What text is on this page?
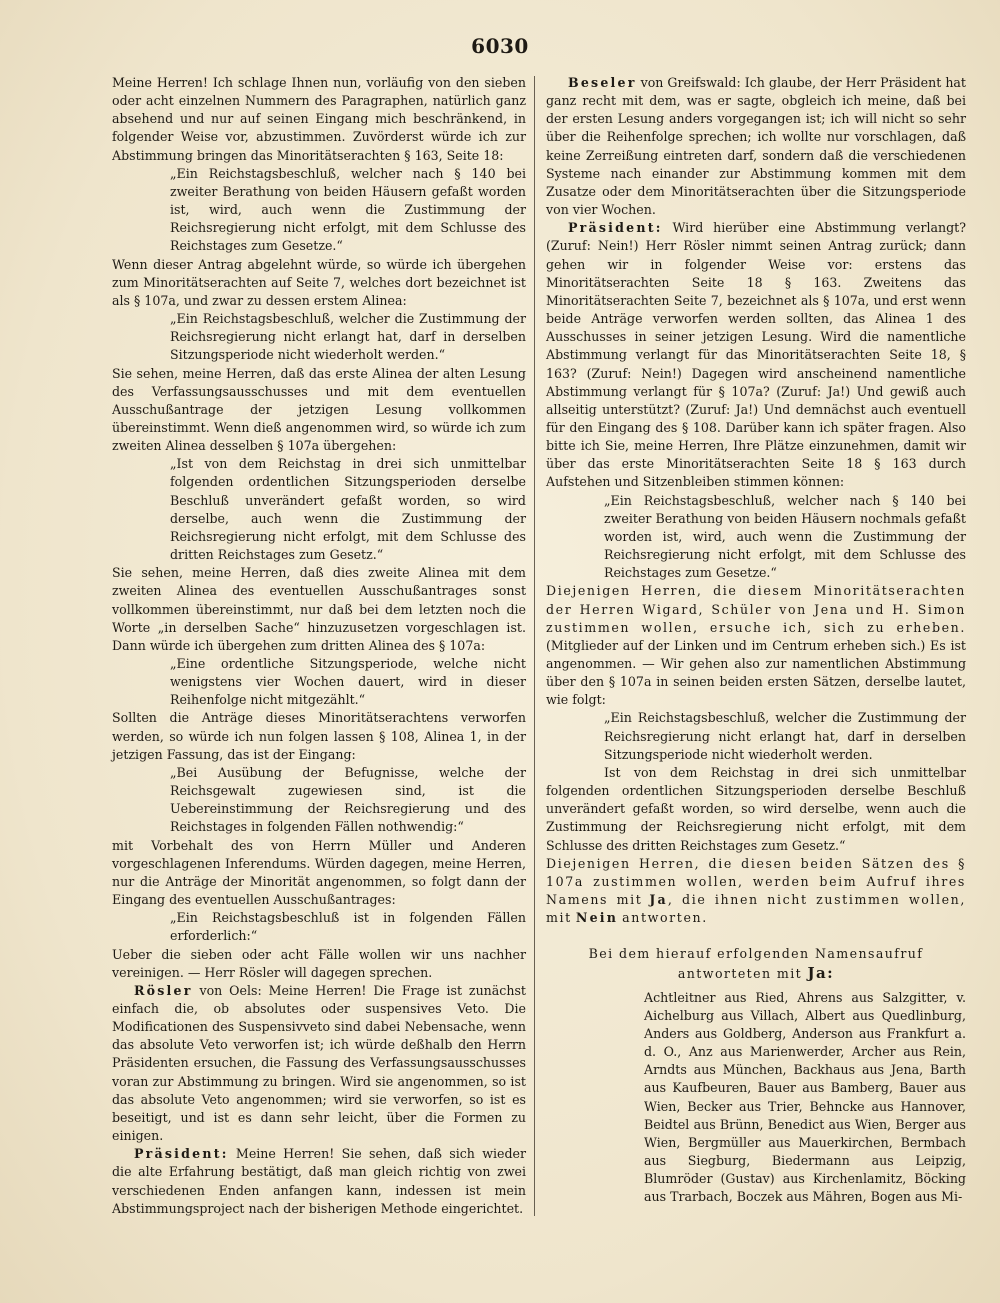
6030

Meine Herren! Ich schlage Ihnen nun, vorläufig von den sieben oder acht einzelnen Nummern des Paragraphen, natürlich ganz absehend und nur auf seinen Eingang mich beschränkend, in folgender Weise vor, abzustimmen. Zuvörderst würde ich zur Abstimmung bringen das Minoritätserachten § 163, Seite 18:

„Ein Reichstagsbeschluß, welcher nach § 140 bei zweiter Berathung von beiden Häusern gefaßt worden ist, wird, auch wenn die Zustimmung der Reichsregierung nicht erfolgt, mit dem Schlusse des Reichstages zum Gesetze.“

Wenn dieser Antrag abgelehnt würde, so würde ich übergehen zum Minoritätserachten auf Seite 7, welches dort bezeichnet ist als § 107a, und zwar zu dessen erstem Alinea:

„Ein Reichstagsbeschluß, welcher die Zustimmung der Reichsregierung nicht erlangt hat, darf in derselben Sitzungsperiode nicht wiederholt werden.“

Sie sehen, meine Herren, daß das erste Alinea der alten Lesung des Verfassungsausschusses und mit dem eventuellen Ausschußantrage der jetzigen Lesung vollkommen übereinstimmt. Wenn dieß angenommen wird, so würde ich zum zweiten Alinea desselben § 107a übergehen:

„Ist von dem Reichstag in drei sich unmittelbar folgenden ordentlichen Sitzungsperioden derselbe Beschluß unverändert gefaßt worden, so wird derselbe, auch wenn die Zustimmung der Reichsregierung nicht erfolgt, mit dem Schlusse des dritten Reichstages zum Gesetz.“

Sie sehen, meine Herren, daß dies zweite Alinea mit dem zweiten Alinea des eventuellen Ausschußantrages sonst vollkommen übereinstimmt, nur daß bei dem letzten noch die Worte „in derselben Sache“ hinzuzusetzen vorgeschlagen ist. Dann würde ich übergehen zum dritten Alinea des § 107a:

„Eine ordentliche Sitzungsperiode, welche nicht wenigstens vier Wochen dauert, wird in dieser Reihenfolge nicht mitgezählt.“

Sollten die Anträge dieses Minoritätserachtens verworfen werden, so würde ich nun folgen lassen § 108, Alinea 1, in der jetzigen Fassung, das ist der Eingang:

„Bei Ausübung der Befugnisse, welche der Reichsgewalt zugewiesen sind, ist die Uebereinstimmung der Reichsregierung und des Reichstages in folgenden Fällen nothwendig:“

mit Vorbehalt des von Herrn Müller und Anderen vorgeschlagenen Inferendums. Würden dagegen, meine Herren, nur die Anträge der Minorität angenommen, so folgt dann der Eingang des eventuellen Ausschußantrages:

„Ein Reichstagsbeschluß ist in folgenden Fällen erforderlich:“

Ueber die sieben oder acht Fälle wollen wir uns nachher vereinigen. — Herr Rösler will dagegen sprechen.

Rösler von Oels: Meine Herren! Die Frage ist zunächst einfach die, ob absolutes oder suspensives Veto. Die Modificationen des Suspensivveto sind dabei Nebensache, wenn das absolute Veto verworfen ist; ich würde deßhalb den Herrn Präsidenten ersuchen, die Fassung des Verfassungsausschusses voran zur Abstimmung zu bringen. Wird sie angenommen, so ist das absolute Veto angenommen; wird sie verworfen, so ist es beseitigt, und ist es dann sehr leicht, über die Formen zu einigen.

Präsident: Meine Herren! Sie sehen, daß sich wieder die alte Erfahrung bestätigt, daß man gleich richtig von zwei verschiedenen Enden anfangen kann, indessen ist mein Abstimmungsproject nach der bisherigen Methode eingerichtet.

Beseler von Greifswald: Ich glaube, der Herr Präsident hat ganz recht mit dem, was er sagte, obgleich ich meine, daß bei der ersten Lesung anders vorgegangen ist; ich will nicht so sehr über die Reihenfolge sprechen; ich wollte nur vorschlagen, daß keine Zerreißung eintreten darf, sondern daß die verschiedenen Systeme nach einander zur Abstimmung kommen mit dem Zusatze oder dem Minoritätserachten über die Sitzungsperiode von vier Wochen.

Präsident: Wird hierüber eine Abstimmung verlangt? (Zuruf: Nein!) Herr Rösler nimmt seinen Antrag zurück; dann gehen wir in folgender Weise vor: erstens das Minoritätserachten Seite 18 § 163. Zweitens das Minoritätserachten Seite 7, bezeichnet als § 107a, und erst wenn beide Anträge verworfen werden sollten, das Alinea 1 des Ausschusses in seiner jetzigen Lesung. Wird die namentliche Abstimmung verlangt für das Minoritätserachten Seite 18, § 163? (Zuruf: Nein!) Dagegen wird anscheinend namentliche Abstimmung verlangt für § 107a? (Zuruf: Ja!) Und gewiß auch allseitig unterstützt? (Zuruf: Ja!) Und demnächst auch eventuell für den Eingang des § 108. Darüber kann ich später fragen. Also bitte ich Sie, meine Herren, Ihre Plätze einzunehmen, damit wir über das erste Minoritätserachten Seite 18 § 163 durch Aufstehen und Sitzenbleiben stimmen können:

„Ein Reichstagsbeschluß, welcher nach § 140 bei zweiter Berathung von beiden Häusern nochmals gefaßt worden ist, wird, auch wenn die Zustimmung der Reichsregierung nicht erfolgt, mit dem Schlusse des Reichstages zum Gesetze.“

Diejenigen Herren, die diesem Minoritätserachten der Herren Wigard, Schüler von Jena und H. Simon zustimmen wollen, ersuche ich, sich zu erheben. (Mitglieder auf der Linken und im Centrum erheben sich.) Es ist angenommen. — Wir gehen also zur namentlichen Abstimmung über den § 107a in seinen beiden ersten Sätzen, derselbe lautet, wie folgt:

„Ein Reichstagsbeschluß, welcher die Zustimmung der Reichsregierung nicht erlangt hat, darf in derselben Sitzungsperiode nicht wiederholt werden.

Ist von dem Reichstag in drei sich unmittelbar folgenden ordentlichen Sitzungsperioden derselbe Beschluß unverändert gefaßt worden, so wird derselbe, wenn auch die Zustimmung der Reichsregierung nicht erfolgt, mit dem Schlusse des dritten Reichstages zum Gesetz.“

Diejenigen Herren, die diesen beiden Sätzen des § 107a zustimmen wollen, werden beim Aufruf ihres Namens mit Ja, die ihnen nicht zustimmen wollen, mit Nein antworten.

Bei dem hierauf erfolgenden Namensaufruf
antworteten mit Ja:

Achtleitner aus Ried, Ahrens aus Salzgitter, v. Aichelburg aus Villach, Albert aus Quedlinburg, Anders aus Goldberg, Anderson aus Frankfurt a. d. O., Anz aus Marienwerder, Archer aus Rein, Arndts aus München, Backhaus aus Jena, Barth aus Kaufbeuren, Bauer aus Bamberg, Bauer aus Wien, Becker aus Trier, Behncke aus Hannover, Beidtel aus Brünn, Benedict aus Wien, Berger aus Wien, Bergmüller aus Mauerkirchen, Bermbach aus Siegburg, Biedermann aus Leipzig, Blumröder (Gustav) aus Kirchenlamitz, Böcking aus Trarbach, Boczek aus Mähren, Bogen aus Mi-
